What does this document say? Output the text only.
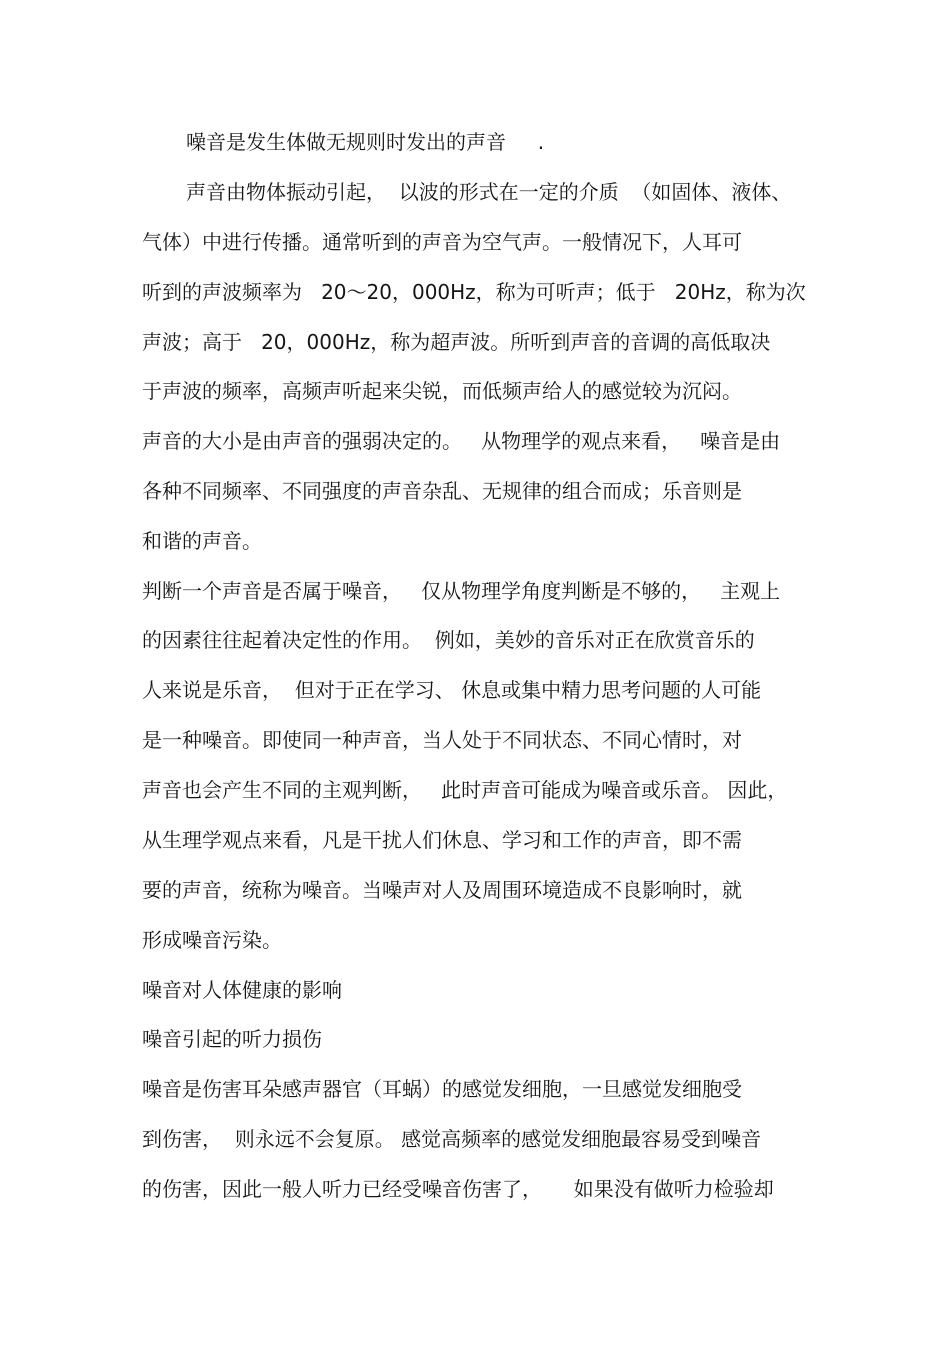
噪音是发生体做无规则时发出的声音     .
声音由物体振动引起，  以波的形式在一定的介质  （如固体、液体、
气体）中进行传播。通常听到的声音为空气声。一般情况下，人耳可
听到的声波频率为   20～20，000Hz，称为可听声；低于   20Hz，称为次
声波；高于   20，000Hz，称为超声波。所听到声音的音调的高低取决
于声波的频率，高频声听起来尖锐，而低频声给人的感觉较为沉闷。
声音的大小是由声音的强弱决定的。   从物理学的观点来看，   噪音是由
各种不同频率、不同强度的声音杂乱、无规律的组合而成；乐音则是
和谐的声音。
判断一个声音是否属于噪音，   仅从物理学角度判断是不够的，   主观上
的因素往往起着决定性的作用。  例如，美妙的音乐对正在欣赏音乐的
人来说是乐音，  但对于正在学习、 休息或集中精力思考问题的人可能
是一种噪音。即使同一种声音，当人处于不同状态、不同心情时，对
声音也会产生不同的主观判断，   此时声音可能成为噪音或乐音。 因此，
从生理学观点来看，凡是干扰人们休息、学习和工作的声音，即不需
要的声音，统称为噪音。当噪声对人及周围环境造成不良影响时，就
形成噪音污染。
噪音对人体健康的影响
噪音引起的听力损伤
噪音是伤害耳朵感声器官（耳蜗）的感觉发细胞，一旦感觉发细胞受
到伤害，  则永远不会复原。 感觉高频率的感觉发细胞最容易受到噪音
的伤害，因此一般人听力已经受噪音伤害了，     如果没有做听力检验却
